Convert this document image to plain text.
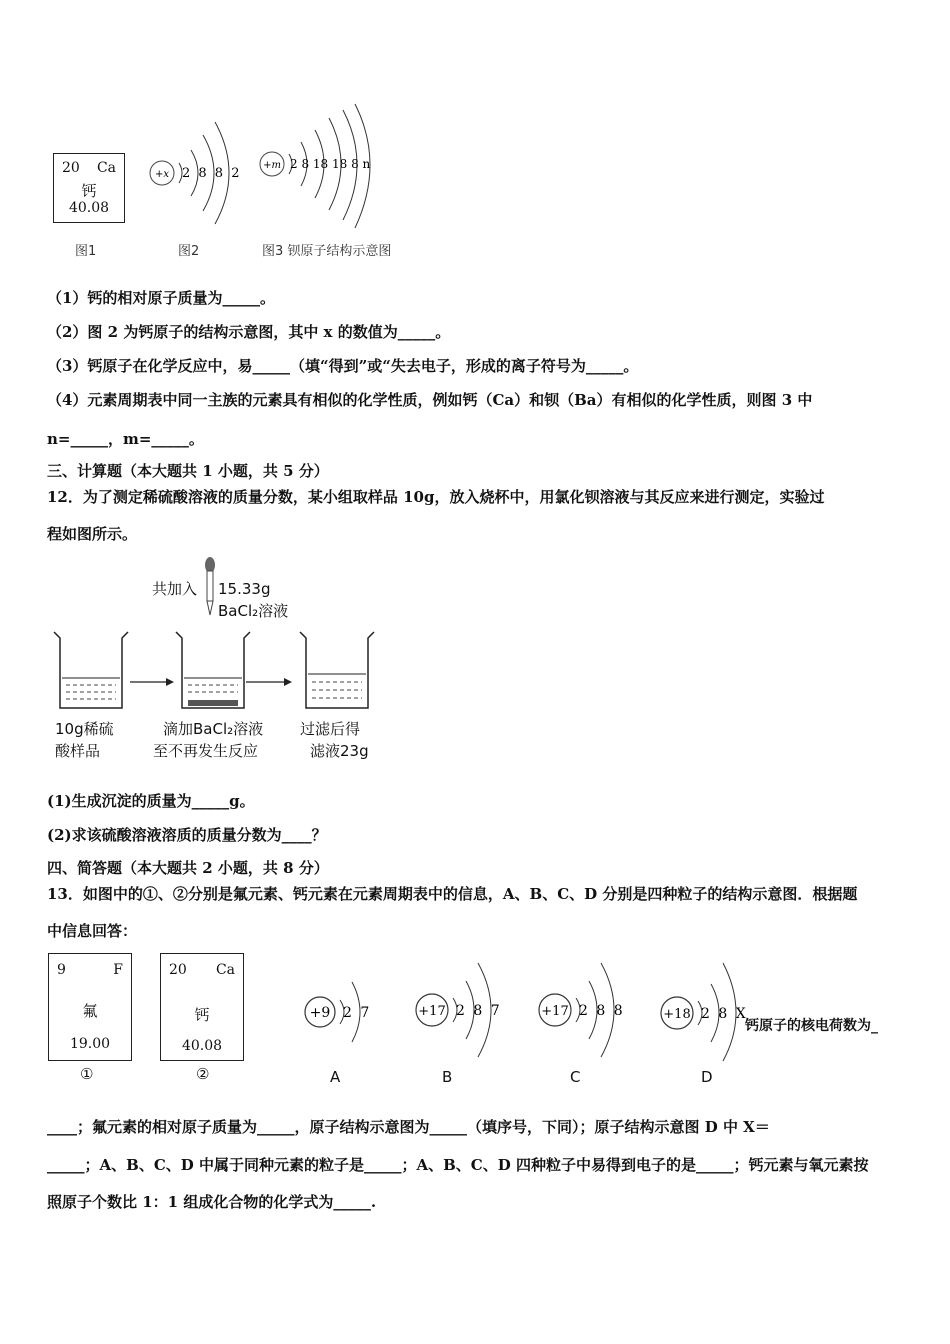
20 Ca
钙
40.08
+x 2 8 8 2
+m 2 8 18 18 8 n
图1	图2	图3 钡原子结构示意图
（1）钙的相对原子质量为_____。
（2）图 2 为钙原子的结构示意图，其中 x 的数值为_____。
（3）钙原子在化学反应中，易_____（填“得到”或“失去电子，形成的离子符号为_____。
（4）元素周期表中同一主族的元素具有相似的化学性质，例如钙（Ca）和钡（Ba）有相似的化学性质，则图 3 中
n=_____，m=_____。
三、计算题（本大题共 1 小题，共 5 分）
12．为了测定稀硫酸溶液的质量分数，某小组取样品 10g，放入烧杯中，用氯化钡溶液与其反应来进行测定，实验过
程如图所示。
共加入 15.33g
BaCl₂溶液
10g稀硫
酸样品
滴加BaCl₂溶液
至不再发生反应
过滤后得
滤液23g
(1)生成沉淀的质量为_____g。
(2)求该硫酸溶液溶质的质量分数为____？
四、简答题（本大题共 2 小题，共 8 分）
13．如图中的①、②分别是氟元素、钙元素在元素周期表中的信息，A、B、C、D 分别是四种粒子的结构示意图．根据题
中信息回答：
9	F
氟
19.00
①
20 Ca
钙
40.08
②
+9 2 7
A
+17 2 8 7
B
+17 2 8 8
C
+18 2 8 X
D
钙原子的核电荷数为_
____；氟元素的相对原子质量为_____，原子结构示意图为_____（填序号，下同）；原子结构示意图 D 中 X＝
_____；A、B、C、D 中属于同种元素的粒子是_____；A、B、C、D 四种粒子中易得到电子的是_____；钙元素与氧元素按
照原子个数比 1：1 组成化合物的化学式为_____.
